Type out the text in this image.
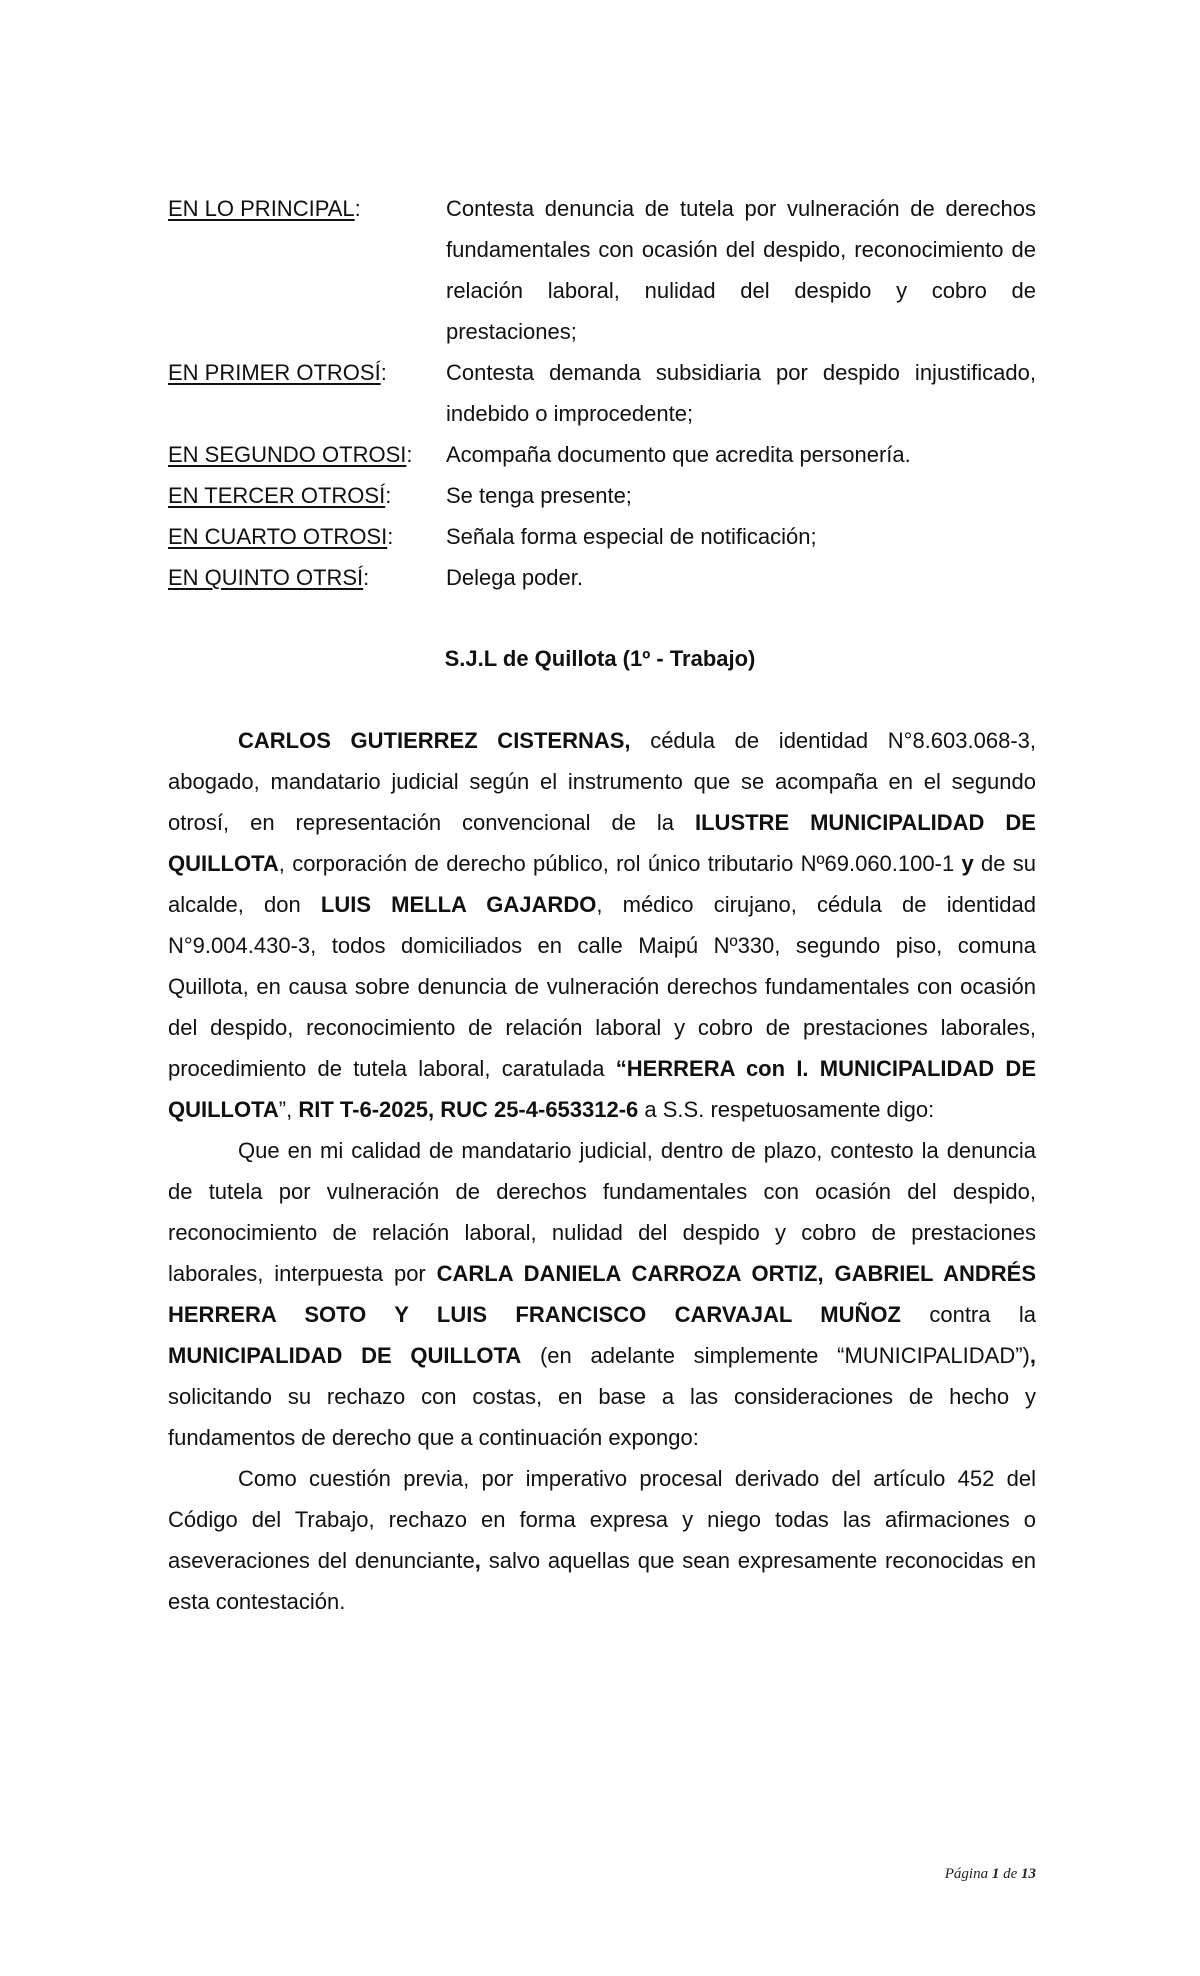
EN LO PRINCIPAL:	Contesta denuncia de tutela por vulneración de derechos fundamentales con ocasión del despido, reconocimiento de relación laboral, nulidad del despido y cobro de prestaciones;
EN PRIMER OTROSÍ:	Contesta demanda subsidiaria por despido injustificado, indebido o improcedente;
EN SEGUNDO OTROSI:	Acompaña documento que acredita personería.
EN TERCER OTROSÍ:	Se tenga presente;
EN CUARTO OTROSI:	Señala forma especial de notificación;
EN QUINTO OTRSÍ:	Delega poder.
S.J.L de Quillota (1º - Trabajo)

CARLOS GUTIERREZ CISTERNAS, cédula de identidad N°8.603.068-3, abogado, mandatario judicial según el instrumento que se acompaña en el segundo otrosí, en representación convencional de la ILUSTRE MUNICIPALIDAD DE QUILLOTA, corporación de derecho público, rol único tributario Nº69.060.100-1 y de su alcalde, don LUIS MELLA GAJARDO, médico cirujano, cédula de identidad N°9.004.430-3, todos domiciliados en calle Maipú Nº330, segundo piso, comuna Quillota, en causa sobre denuncia de vulneración derechos fundamentales con ocasión del despido, reconocimiento de relación laboral y cobro de prestaciones laborales, procedimiento de tutela laboral, caratulada “HERRERA con I. MUNICIPALIDAD DE QUILLOTA”, RIT T-6-2025, RUC 25-4-653312-6 a S.S. respetuosamente digo:

Que en mi calidad de mandatario judicial, dentro de plazo, contesto la denuncia de tutela por vulneración de derechos fundamentales con ocasión del despido, reconocimiento de relación laboral, nulidad del despido y cobro de prestaciones laborales, interpuesta por CARLA DANIELA CARROZA ORTIZ, GABRIEL ANDRÉS HERRERA SOTO Y LUIS FRANCISCO CARVAJAL MUÑOZ contra la MUNICIPALIDAD DE QUILLOTA (en adelante simplemente “MUNICIPALIDAD”), solicitando su rechazo con costas, en base a las consideraciones de hecho y fundamentos de derecho que a continuación expongo:

Como cuestión previa, por imperativo procesal derivado del artículo 452 del Código del Trabajo, rechazo en forma expresa y niego todas las afirmaciones o aseveraciones del denunciante, salvo aquellas que sean expresamente reconocidas en esta contestación.

Página 1 de 13
